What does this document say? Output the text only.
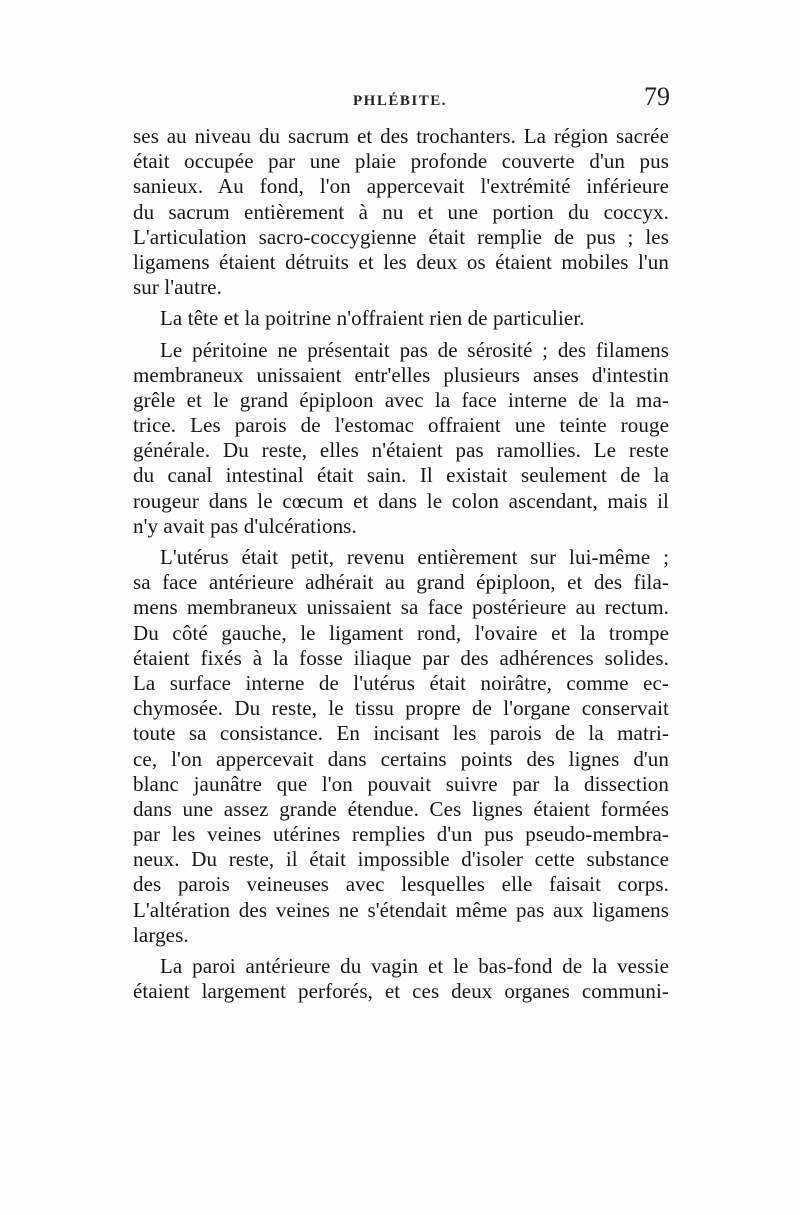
PHLÉBITE.	79
ses au niveau du sacrum et des trochanters. La région sacrée
était occupée par une plaie profonde couverte d'un pus
sanieux. Au fond, l'on appercevait l'extrémité inférieure
du sacrum entièrement à nu et une portion du coccyx.
L'articulation sacro-coccygienne était remplie de pus ; les
ligamens étaient détruits et les deux os étaient mobiles l'un
sur l'autre.
La tête et la poitrine n'offraient rien de particulier.
Le péritoine ne présentait pas de sérosité ; des filamens
membraneux unissaient entr'elles plusieurs anses d'intestin
grêle et le grand épiploon avec la face interne de la ma-
trice. Les parois de l'estomac offraient une teinte rouge
générale. Du reste, elles n'étaient pas ramollies. Le reste
du canal intestinal était sain. Il existait seulement de la
rougeur dans le cœcum et dans le colon ascendant, mais il
n'y avait pas d'ulcérations.
L'utérus était petit, revenu entièrement sur lui-même ;
sa face antérieure adhérait au grand épiploon, et des fila-
mens membraneux unissaient sa face postérieure au rectum.
Du côté gauche, le ligament rond, l'ovaire et la trompe
étaient fixés à la fosse iliaque par des adhérences solides.
La surface interne de l'utérus était noirâtre, comme ec-
chymosée. Du reste, le tissu propre de l'organe conservait
toute sa consistance. En incisant les parois de la matri-
ce, l'on appercevait dans certains points des lignes d'un
blanc jaunâtre que l'on pouvait suivre par la dissection
dans une assez grande étendue. Ces lignes étaient formées
par les veines utérines remplies d'un pus pseudo-membra-
neux. Du reste, il était impossible d'isoler cette substance
des parois veineuses avec lesquelles elle faisait corps.
L'altération des veines ne s'étendait même pas aux ligamens
larges.
La paroi antérieure du vagin et le bas-fond de la vessie
étaient largement perforés, et ces deux organes communi-
